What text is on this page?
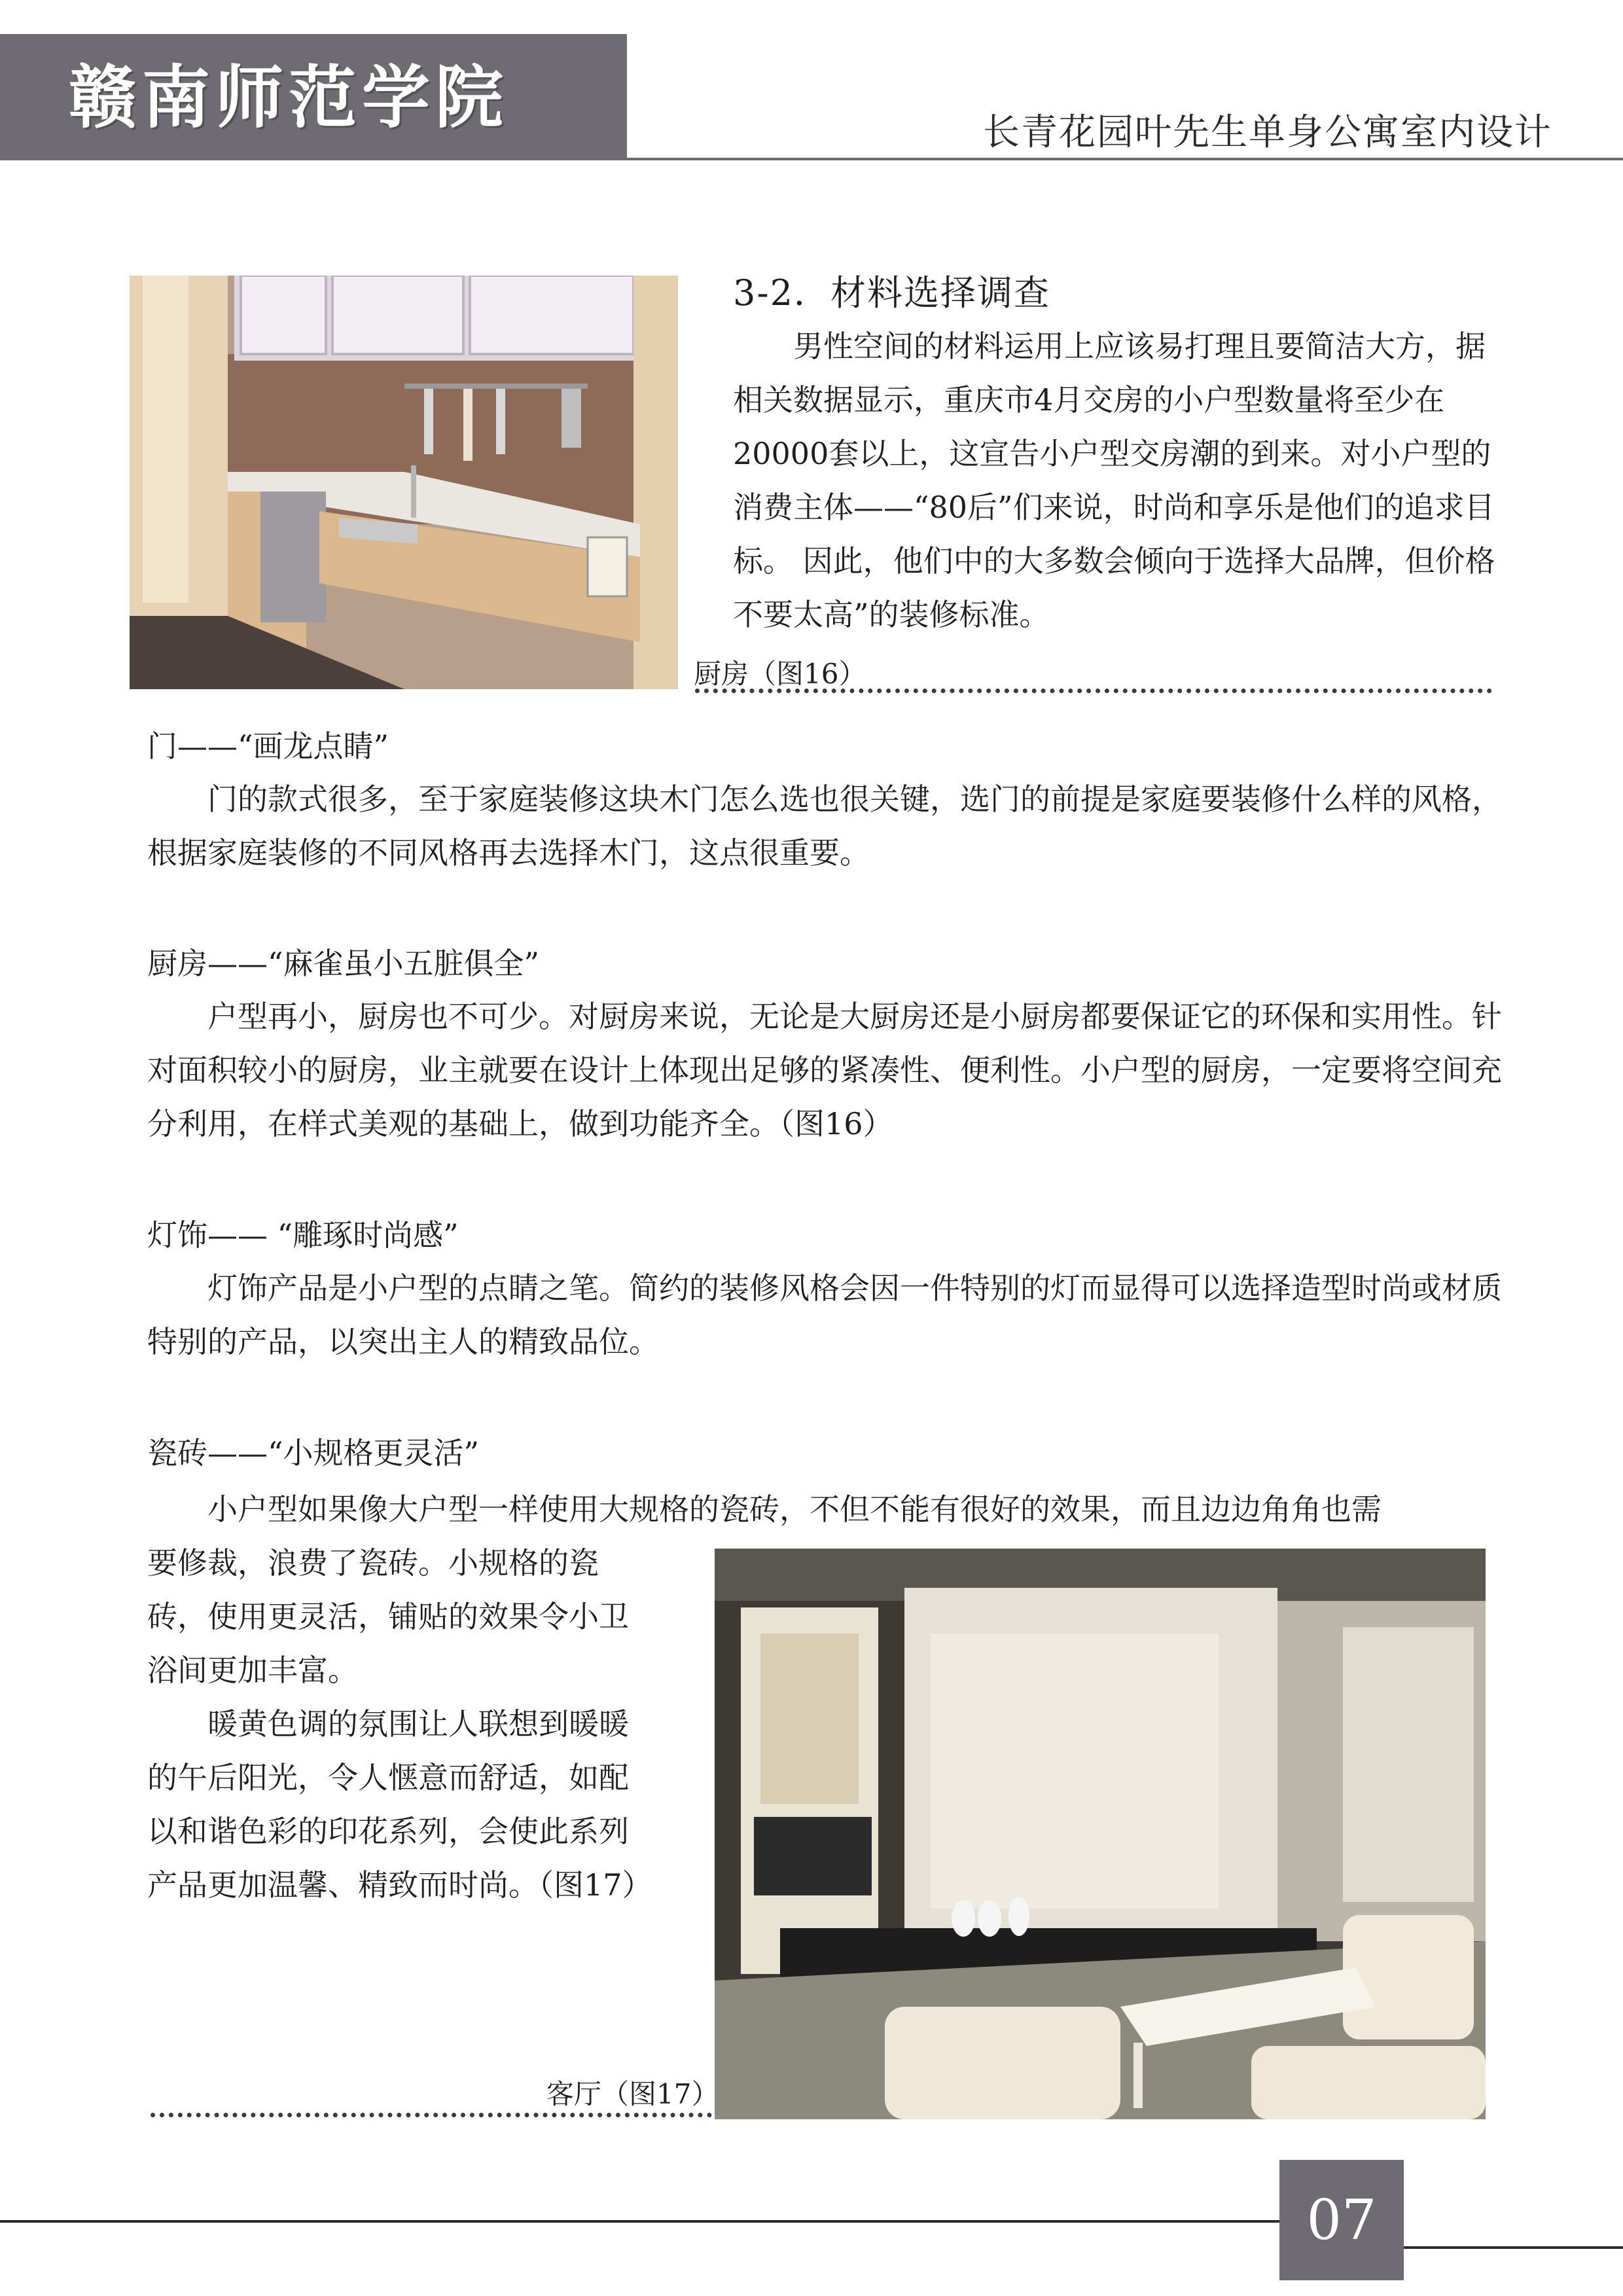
赣南师范学院	长青花园叶先生单身公寓室内设计
3-2．材料选择调查
男性空间的材料运用上应该易打理且要简洁大方，据相关数据显示，重庆市4月交房的小户型数量将至少在20000套以上，这宣告小户型交房潮的到来。对小户型的消费主体——“80后”们来说，时尚和享乐是他们的追求目标。 因此，他们中的大多数会倾向于选择大品牌，但价格不要太高”的装修标准。
厨房（图16）
门——“画龙点睛”
门的款式很多，至于家庭装修这块木门怎么选也很关键，选门的前提是家庭要装修什么样的风格，根据家庭装修的不同风格再去选择木门，这点很重要。
厨房——“麻雀虽小五脏俱全”
户型再小，厨房也不可少。对厨房来说，无论是大厨房还是小厨房都要保证它的环保和实用性。针对面积较小的厨房，业主就要在设计上体现出足够的紧凑性、便利性。小户型的厨房，一定要将空间充分利用，在样式美观的基础上，做到功能齐全。（图16）
灯饰—— “雕琢时尚感”
灯饰产品是小户型的点睛之笔。简约的装修风格会因一件特别的灯而显得可以选择造型时尚或材质特别的产品，以突出主人的精致品位。
瓷砖——“小规格更灵活”
小户型如果像大户型一样使用大规格的瓷砖，不但不能有很好的效果，而且边边角角也需
要修裁，浪费了瓷砖。小规格的瓷砖，使用更灵活，铺贴的效果令小卫浴间更加丰富。
暖黄色调的氛围让人联想到暖暖的午后阳光，令人惬意而舒适，如配以和谐色彩的印花系列，会使此系列产品更加温馨、精致而时尚。（图17）
客厅（图17）
07
